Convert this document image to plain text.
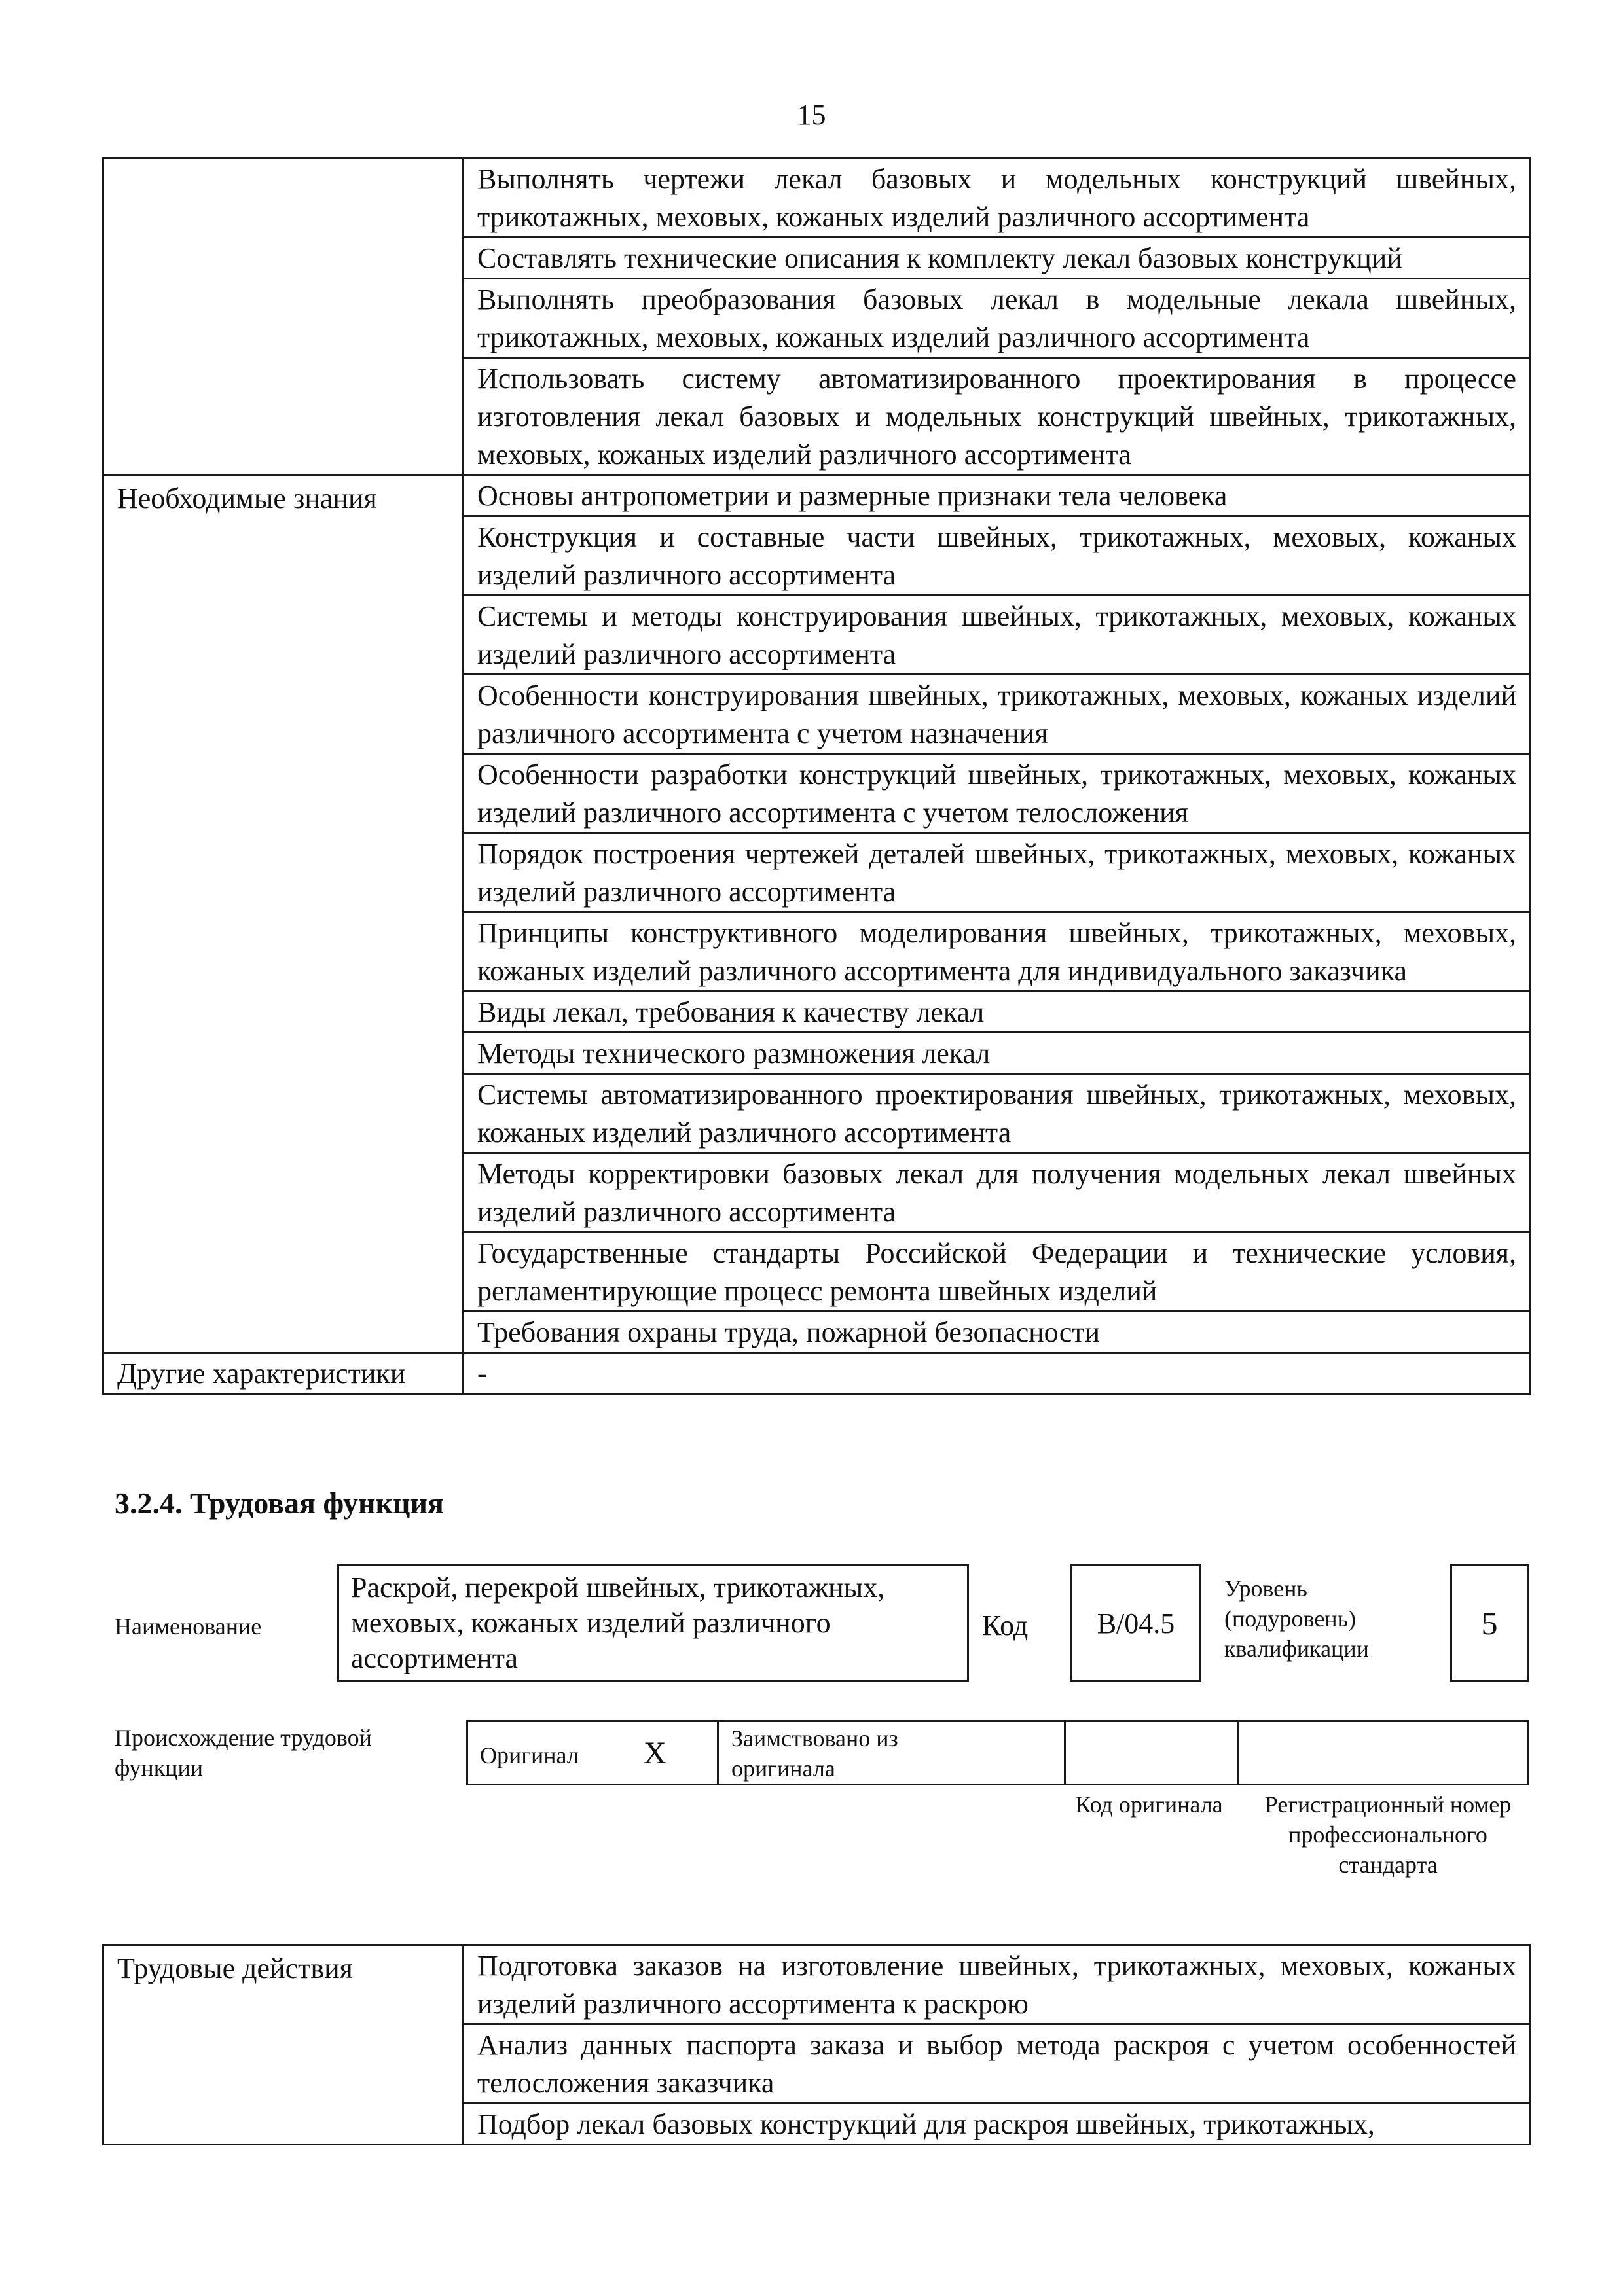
15

	Выполнять чертежи лекал базовых и модельных конструкций швейных, трикотажных, меховых, кожаных изделий различного ассортимента

	Составлять технические описания к комплекту лекал базовых конструкций

	Выполнять преобразования базовых лекал в модельные лекала швейных, трикотажных, меховых, кожаных изделий различного ассортимента

	Использовать систему автоматизированного проектирования в процессе изготовления лекал базовых и модельных конструкций швейных, трикотажных, меховых, кожаных изделий различного ассортимента

Необходимые знания	Основы антропометрии и размерные признаки тела человека

	Конструкция и составные части швейных, трикотажных, меховых, кожаных изделий различного ассортимента

	Системы и методы конструирования швейных, трикотажных, меховых, кожаных изделий различного ассортимента

	Особенности конструирования швейных, трикотажных, меховых, кожаных изделий различного ассортимента с учетом назначения

	Особенности разработки конструкций швейных, трикотажных, меховых, кожаных изделий различного ассортимента с учетом телосложения

	Порядок построения чертежей деталей швейных, трикотажных, меховых, кожаных изделий различного ассортимента

	Принципы конструктивного моделирования швейных, трикотажных, меховых, кожаных изделий различного ассортимента для индивидуального заказчика

	Виды лекал, требования к качеству лекал

	Методы технического размножения лекал

	Системы автоматизированного проектирования швейных, трикотажных, меховых, кожаных изделий различного ассортимента

	Методы корректировки базовых лекал для получения модельных лекал швейных изделий различного ассортимента

	Государственные стандарты Российской Федерации и технические условия, регламентирующие процесс ремонта швейных изделий

	Требования охраны труда, пожарной безопасности

Другие характеристики	-
3.2.4. Трудовая функция
Наименование
Раскрой, перекрой швейных, трикотажных, меховых, кожаных изделий различного ассортимента
Код	B/04.5
Уровень (подуровень) квалификации
5
Происхождение трудовой функции	Оригинал X	Заимствовано из оригинала
Код оригинала	Регистрационный номер профессионального стандарта
Трудовые действия	Подготовка заказов на изготовление швейных, трикотажных, меховых, кожаных изделий различного ассортимента к раскрою

Анализ данных паспорта заказа и выбор метода раскроя с учетом особенностей телосложения заказчика

Подбор лекал базовых конструкций для раскроя швейных, трикотажных,
